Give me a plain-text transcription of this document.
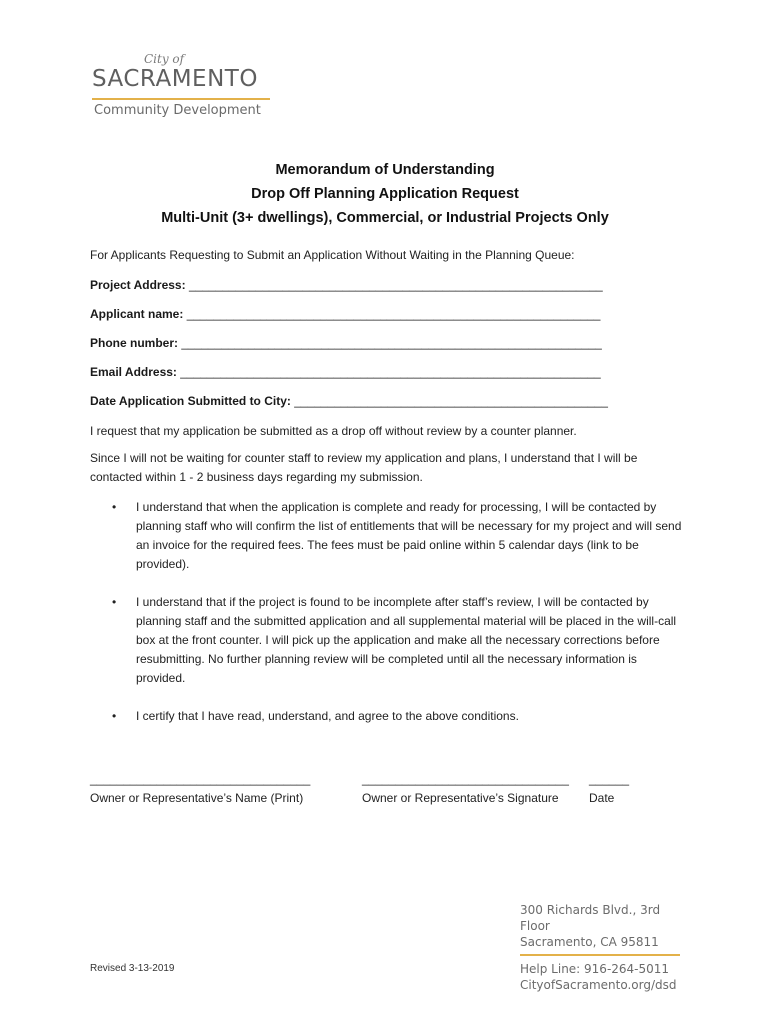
City of
SACRAMENTO
Community Development
Memorandum of Understanding
Drop Off Planning Application Request
Multi-Unit (3+ dwellings), Commercial, or Industrial Projects Only
For Applicants Requesting to Submit an Application Without Waiting in the Planning Queue:
Project Address: ______________________________________________________________
Applicant name: ______________________________________________________________
Phone number: _______________________________________________________________
Email Address: _______________________________________________________________
Date Application Submitted to City: _______________________________________________
I request that my application be submitted as a drop off without review by a counter planner.
Since I will not be waiting for counter staff to review my application and plans, I understand that I will be contacted within 1 - 2 business days regarding my submission.
• I understand that when the application is complete and ready for processing, I will be contacted by planning staff who will confirm the list of entitlements that will be necessary for my project and will send an invoice for the required fees. The fees must be paid online within 5 calendar days (link to be provided).
• I understand that if the project is found to be incomplete after staff’s review, I will be contacted by planning staff and the submitted application and all supplemental material will be placed in the will-call box at the front counter. I will pick up the application and make all the necessary corrections before resubmitting. No further planning review will be completed until all the necessary information is provided.
• I certify that I have read, understand, and agree to the above conditions.
_________________________________
Owner or Representative’s Name (Print)
_______________________________
Owner or Representative’s Signature
______
Date
300 Richards Blvd., 3rd Floor
Sacramento, CA 95811
Help Line: 916-264-5011
CityofSacramento.org/dsd
Revised 3-13-2019
